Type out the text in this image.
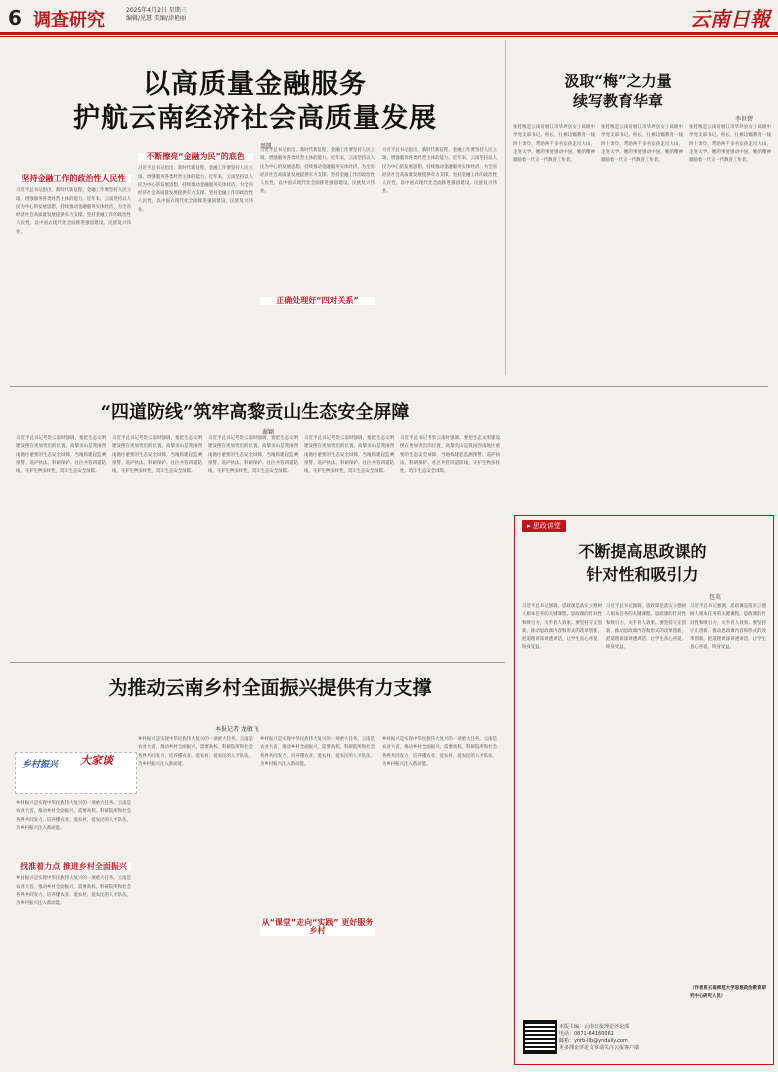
6 调查研究	2025年4月2日 星期三
编辑/见慧 美编/涂艳丽	云南日報
以高质量金融服务
护航云南经济社会高质量发展
周凯
坚持金融工作的政治性人民性
习近平总书记指出，新时代新征程，金融工作要坚持人民立场，增强服务各类经营主体的能力。近年来，云南坚持以人民为中心的发展思想，持续推动金融服务实体经济，为全省经济社会高质量发展提供有力支撑。坚持金融工作的政治性人民性，以中国式现代化全面推进强国建设、民族复兴伟业。
不断擦亮“金融为民”的底色
习近平总书记指出，新时代新征程，金融工作要坚持人民立场，增强服务各类经营主体的能力。近年来，云南坚持以人民为中心的发展思想，持续推动金融服务实体经济，为全省经济社会高质量发展提供有力支撑。坚持金融工作的政治性人民性，以中国式现代化全面推进强国建设、民族复兴伟业。
习近平总书记指出，新时代新征程，金融工作要坚持人民立场，增强服务各类经营主体的能力。近年来，云南坚持以人民为中心的发展思想，持续推动金融服务实体经济，为全省经济社会高质量发展提供有力支撑。坚持金融工作的政治性人民性，以中国式现代化全面推进强国建设、民族复兴伟业。
正确处理好“四对关系”
习近平总书记指出，新时代新征程，金融工作要坚持人民立场，增强服务各类经营主体的能力。近年来，云南坚持以人民为中心的发展思想，持续推动金融服务实体经济，为全省经济社会高质量发展提供有力支撑。坚持金融工作的政治性人民性，以中国式现代化全面推进强国建设、民族复兴伟业。
汲取“梅”之力量
续写教育华章
李世碧
张桂梅是云南省丽江市华坪县女子高级中学党支部书记、校长，扎根边疆教育一线四十余年，帮助两千多名女孩走出大山、走进大学。她的事迹感动中国，她的精神激励着一代又一代教育工作者。
张桂梅是云南省丽江市华坪县女子高级中学党支部书记、校长，扎根边疆教育一线四十余年，帮助两千多名女孩走出大山、走进大学。她的事迹感动中国，她的精神激励着一代又一代教育工作者。
张桂梅是云南省丽江市华坪县女子高级中学党支部书记、校长，扎根边疆教育一线四十余年，帮助两千多名女孩走出大山、走进大学。她的事迹感动中国，她的精神激励着一代又一代教育工作者。
“四道防线”筑牢高黎贡山生态安全屏障
谢颖
习近平总书记考察云南时强调，要把生态文明建设摆在更加突出的位置。高黎贡山是我国西南地区重要的生态安全屏障，当地构建起监测预警、巡护执法、科研保护、社区共管四道防线，守护生物多样性，筑牢生态安全屏障。
习近平总书记考察云南时强调，要把生态文明建设摆在更加突出的位置。高黎贡山是我国西南地区重要的生态安全屏障，当地构建起监测预警、巡护执法、科研保护、社区共管四道防线，守护生物多样性，筑牢生态安全屏障。
习近平总书记考察云南时强调，要把生态文明建设摆在更加突出的位置。高黎贡山是我国西南地区重要的生态安全屏障，当地构建起监测预警、巡护执法、科研保护、社区共管四道防线，守护生物多样性，筑牢生态安全屏障。
习近平总书记考察云南时强调，要把生态文明建设摆在更加突出的位置。高黎贡山是我国西南地区重要的生态安全屏障，当地构建起监测预警、巡护执法、科研保护、社区共管四道防线，守护生物多样性，筑牢生态安全屏障。
习近平总书记考察云南时强调，要把生态文明建设摆在更加突出的位置。高黎贡山是我国西南地区重要的生态安全屏障，当地构建起监测预警、巡护执法、科研保护、社区共管四道防线，守护生物多样性，筑牢生态安全屏障。
为推动云南乡村全面振兴提供有力支撑
本报记者 龙敏飞
乡村振兴 大家谈
乡村振兴是实现中华民族伟大复兴的一项重大任务。云南是农业大省，推动乡村全面振兴，需要高校、科研院所和社会各界共同发力，培养懂农业、爱农村、爱农民的人才队伍，为乡村振兴注入新动能。
找准着力点 推进乡村全面振兴
乡村振兴是实现中华民族伟大复兴的一项重大任务。云南是农业大省，推动乡村全面振兴，需要高校、科研院所和社会各界共同发力，培养懂农业、爱农村、爱农民的人才队伍，为乡村振兴注入新动能。
乡村振兴是实现中华民族伟大复兴的一项重大任务。云南是农业大省，推动乡村全面振兴，需要高校、科研院所和社会各界共同发力，培养懂农业、爱农村、爱农民的人才队伍，为乡村振兴注入新动能。
乡村振兴是实现中华民族伟大复兴的一项重大任务。云南是农业大省，推动乡村全面振兴，需要高校、科研院所和社会各界共同发力，培养懂农业、爱农村、爱农民的人才队伍，为乡村振兴注入新动能。
从“课堂”走向“实践” 更好服务乡村
乡村振兴是实现中华民族伟大复兴的一项重大任务。云南是农业大省，推动乡村全面振兴，需要高校、科研院所和社会各界共同发力，培养懂农业、爱农村、爱农民的人才队伍，为乡村振兴注入新动能。
▸ 思政讲堂
不断提高思政课的
针对性和吸引力
包英
习近平总书记强调，思政课是落实立德树人根本任务的关键课程。思政课的针对性和吸引力，关乎育人效果。要坚持守正创新，推动思政课内容和形式的改革创新，把道理讲深讲透讲活，让学生真心喜爱、终身受益。
习近平总书记强调，思政课是落实立德树人根本任务的关键课程。思政课的针对性和吸引力，关乎育人效果。要坚持守正创新，推动思政课内容和形式的改革创新，把道理讲深讲透讲活，让学生真心喜爱、终身受益。
习近平总书记强调，思政课是落实立德树人根本任务的关键课程。思政课的针对性和吸引力，关乎育人效果。要坚持守正创新，推动思政课内容和形式的改革创新，把道理讲深讲透讲活，让学生真心喜爱、终身受益。
（作者系云南师范大学思想政治教育研究中心研究人员）
本版主编：云南日报理论评论部
电话：0871-64160061
邮箱：ynrb-llb@yndaily.com
更多理论评论文章请关注云报客户端
